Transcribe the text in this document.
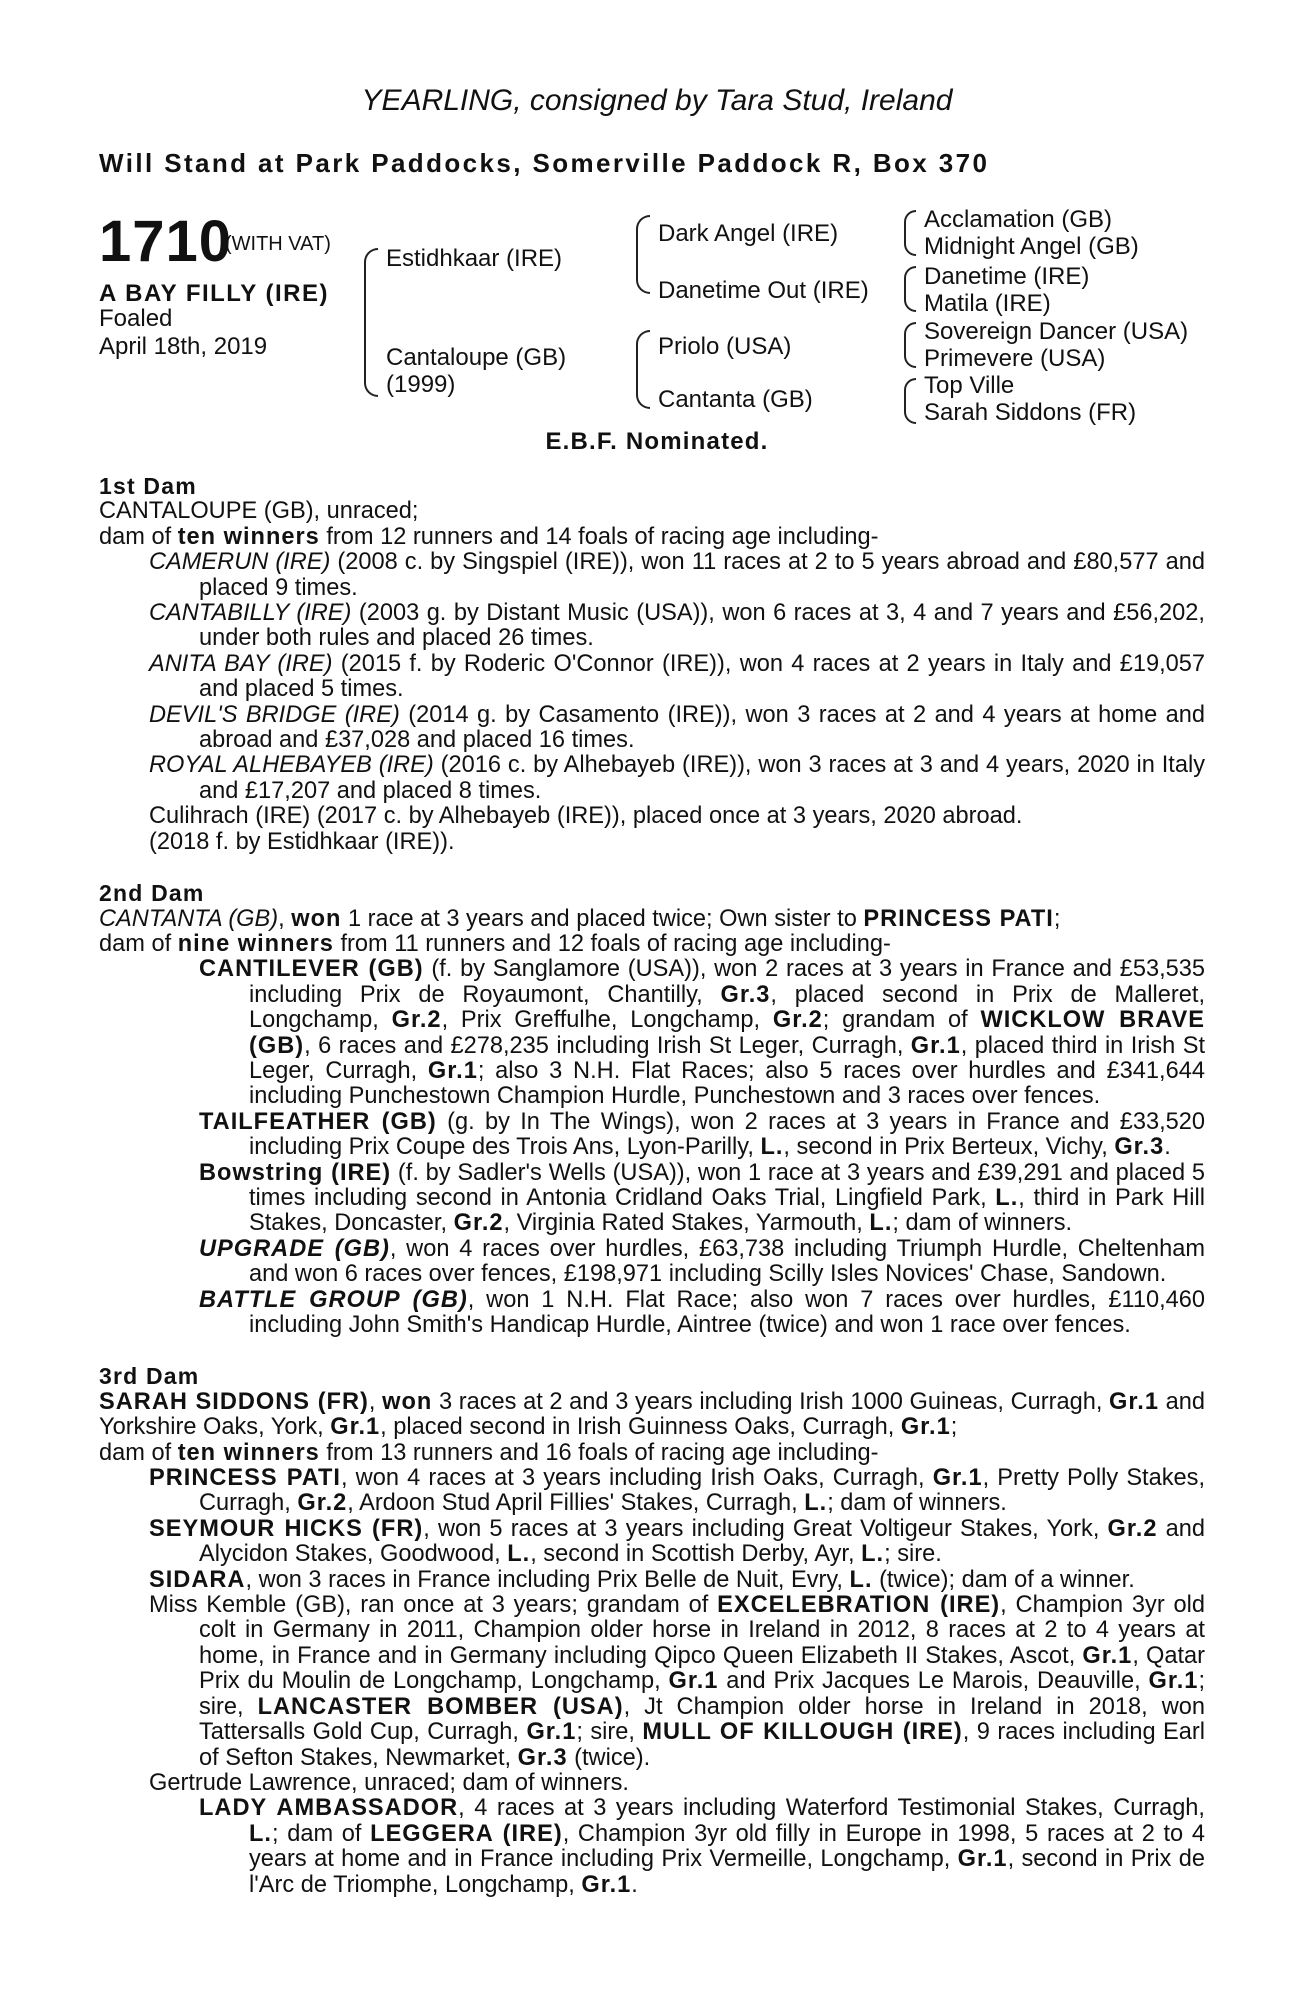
YEARLING, consigned by Tara Stud, Ireland
Will Stand at Park Paddocks, Somerville Paddock R, Box 370
1710
(WITH VAT)
A BAY FILLY (IRE)
Foaled
April 18th, 2019
Estidhkaar (IRE)
Cantaloupe (GB)
(1999)
Dark Angel (IRE)
Danetime Out (IRE)
Priolo (USA)
Cantanta (GB)
Acclamation (GB)
Midnight Angel (GB)
Danetime (IRE)
Matila (IRE)
Sovereign Dancer (USA)
Primevere (USA)
Top Ville
Sarah Siddons (FR)
E.B.F. Nominated.
1st Dam

CANTALOUPE (GB), unraced;

dam of ten winners from 12 runners and 14 foals of racing age including-

CAMERUN (IRE) (2008 c. by Singspiel (IRE)), won 11 races at 2 to 5 years abroad and £80,577 and placed 9 times.

CANTABILLY (IRE) (2003 g. by Distant Music (USA)), won 6 races at 3, 4 and 7 years and £56,202, under both rules and placed 26 times.

ANITA BAY (IRE) (2015 f. by Roderic O'Connor (IRE)), won 4 races at 2 years in Italy and £19,057 and placed 5 times.

DEVIL'S BRIDGE (IRE) (2014 g. by Casamento (IRE)), won 3 races at 2 and 4 years at home and abroad and £37,028 and placed 16 times.

ROYAL ALHEBAYEB (IRE) (2016 c. by Alhebayeb (IRE)), won 3 races at 3 and 4 years, 2020 in Italy and £17,207 and placed 8 times.

Culihrach (IRE) (2017 c. by Alhebayeb (IRE)), placed once at 3 years, 2020 abroad.

(2018 f. by Estidhkaar (IRE)).

2nd Dam

CANTANTA (GB), won 1 race at 3 years and placed twice; Own sister to PRINCESS PATI;

dam of nine winners from 11 runners and 12 foals of racing age including-

CANTILEVER (GB) (f. by Sanglamore (USA)), won 2 races at 3 years in France and £53,535 including Prix de Royaumont, Chantilly, Gr.3, placed second in Prix de Malleret, Longchamp, Gr.2, Prix Greffulhe, Longchamp, Gr.2; grandam of WICKLOW BRAVE (GB), 6 races and £278,235 including Irish St Leger, Curragh, Gr.1, placed third in Irish St Leger, Curragh, Gr.1; also 3 N.H. Flat Races; also 5 races over hurdles and £341,644 including Punchestown Champion Hurdle, Punchestown and 3 races over fences.

TAILFEATHER (GB) (g. by In The Wings), won 2 races at 3 years in France and £33,520 including Prix Coupe des Trois Ans, Lyon-Parilly, L., second in Prix Berteux, Vichy, Gr.3.

Bowstring (IRE) (f. by Sadler's Wells (USA)), won 1 race at 3 years and £39,291 and placed 5 times including second in Antonia Cridland Oaks Trial, Lingfield Park, L., third in Park Hill Stakes, Doncaster, Gr.2, Virginia Rated Stakes, Yarmouth, L.; dam of winners.

UPGRADE (GB), won 4 races over hurdles, £63,738 including Triumph Hurdle, Cheltenham and won 6 races over fences, £198,971 including Scilly Isles Novices' Chase, Sandown.

BATTLE GROUP (GB), won 1 N.H. Flat Race; also won 7 races over hurdles, £110,460 including John Smith's Handicap Hurdle, Aintree (twice) and won 1 race over fences.

3rd Dam

SARAH SIDDONS (FR), won 3 races at 2 and 3 years including Irish 1000 Guineas, Curragh, Gr.1 and Yorkshire Oaks, York, Gr.1, placed second in Irish Guinness Oaks, Curragh, Gr.1;

dam of ten winners from 13 runners and 16 foals of racing age including-

PRINCESS PATI, won 4 races at 3 years including Irish Oaks, Curragh, Gr.1, Pretty Polly Stakes, Curragh, Gr.2, Ardoon Stud April Fillies' Stakes, Curragh, L.; dam of winners.

SEYMOUR HICKS (FR), won 5 races at 3 years including Great Voltigeur Stakes, York, Gr.2 and Alycidon Stakes, Goodwood, L., second in Scottish Derby, Ayr, L.; sire.

SIDARA, won 3 races in France including Prix Belle de Nuit, Evry, L. (twice); dam of a winner.

Miss Kemble (GB), ran once at 3 years; grandam of EXCELEBRATION (IRE), Champion 3yr old colt in Germany in 2011, Champion older horse in Ireland in 2012, 8 races at 2 to 4 years at home, in France and in Germany including Qipco Queen Elizabeth II Stakes, Ascot, Gr.1, Qatar Prix du Moulin de Longchamp, Longchamp, Gr.1 and Prix Jacques Le Marois, Deauville, Gr.1; sire, LANCASTER BOMBER (USA), Jt Champion older horse in Ireland in 2018, won Tattersalls Gold Cup, Curragh, Gr.1; sire, MULL OF KILLOUGH (IRE), 9 races including Earl of Sefton Stakes, Newmarket, Gr.3 (twice).

Gertrude Lawrence, unraced; dam of winners.

LADY AMBASSADOR, 4 races at 3 years including Waterford Testimonial Stakes, Curragh, L.; dam of LEGGERA (IRE), Champion 3yr old filly in Europe in 1998, 5 races at 2 to 4 years at home and in France including Prix Vermeille, Longchamp, Gr.1, second in Prix de l'Arc de Triomphe, Longchamp, Gr.1.
